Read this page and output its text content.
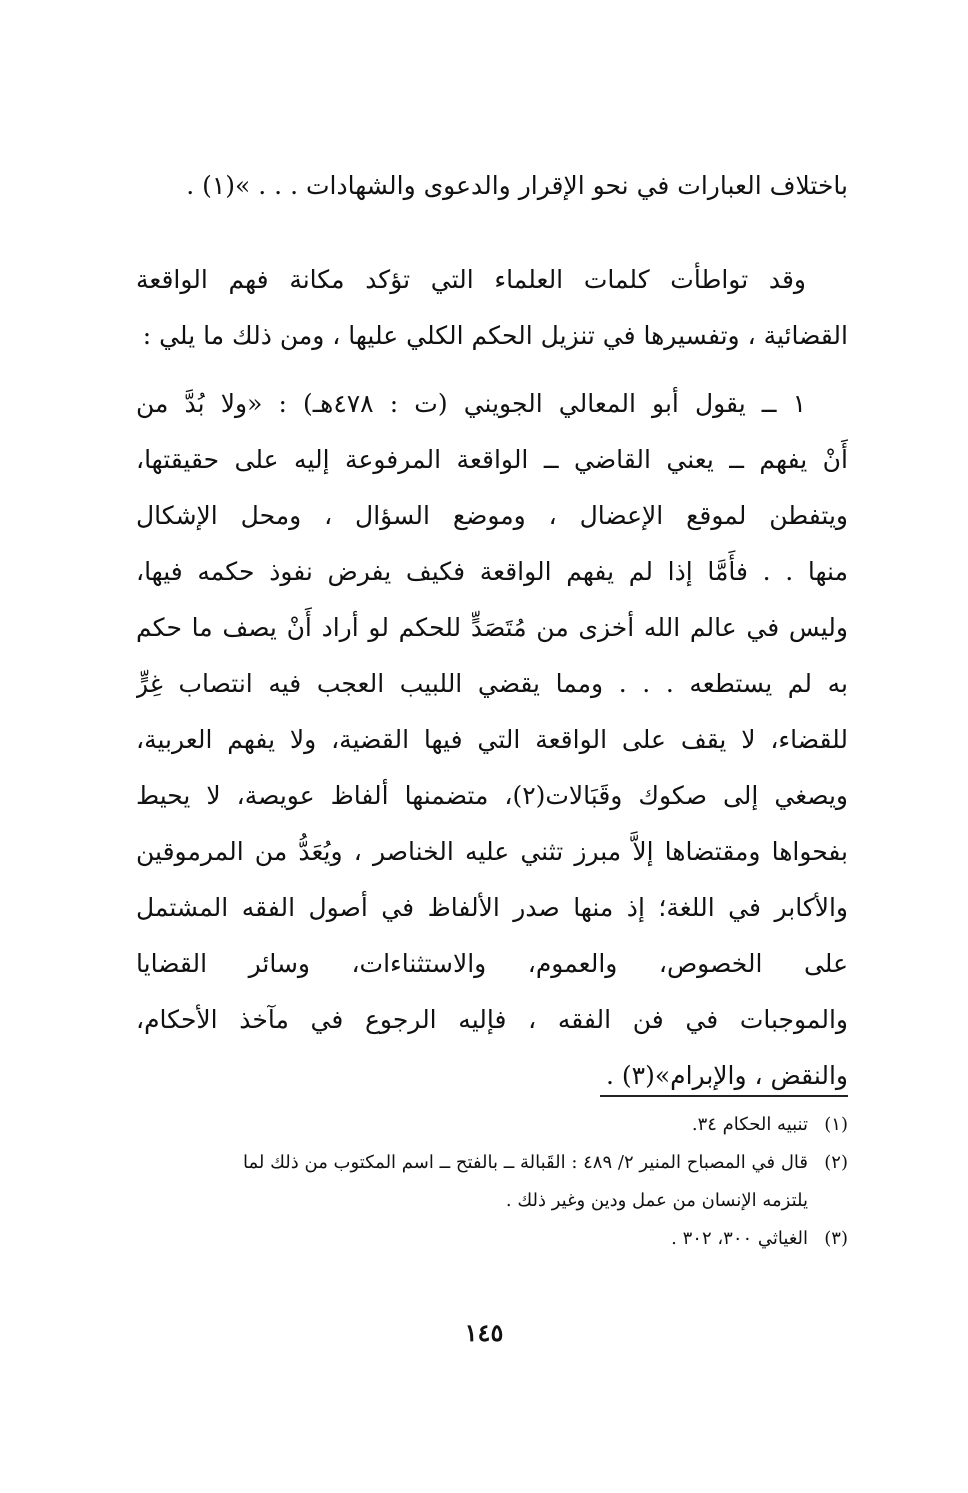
باختلاف العبارات في نحو الإقرار والدعوى والشهادات . . . »(١) .
وقد تواطأت كلمات العلماء التي تؤكد مكانة فهم الواقعة
القضائية ، وتفسيرها في تنزيل الحكم الكلي عليها ، ومن ذلك ما يلي :
١ ــ يقول أبو المعالي الجويني (ت : ٤٧٨هـ) : «ولا بُدَّ من
أَنْ يفهم ــ يعني القاضي ــ الواقعة المرفوعة إليه على حقيقتها،
ويتفطن لموقع الإعضال ، وموضع السؤال ، ومحل الإشكال
منها . . فأَمَّا إذا لم يفهم الواقعة فكيف يفرض نفوذ حكمه فيها،
وليس في عالم الله أخزى من مُتَصَدٍّ للحكم لو أراد أَنْ يصف ما حكم
به لم يستطعه . . . ومما يقضي اللبيب العجب فيه انتصاب غِرٍّ
للقضاء، لا يقف على الواقعة التي فيها القضية، ولا يفهم العربية،
ويصغي إلى صكوك وقَبَالات(٢)، متضمنها ألفاظ عويصة، لا يحيط
بفحواها ومقتضاها إلاَّ مبرز تثني عليه الخناصر ، ويُعَدُّ من المرموقين
والأكابر في اللغة؛ إذ منها صدر الألفاظ في أصول الفقه المشتمل
على الخصوص، والعموم، والاستثناءات، وسائر القضايا
والموجبات في فن الفقه ، فإليه الرجوع في مآخذ الأحكام،
والنقض ، والإبرام»(٣) .
(١)تنبيه الحكام ٣٤.
(٢)قال في المصباح المنير ٢/ ٤٨٩ : القَبالة ــ بالفتح ــ اسم المكتوب من ذلك لما
يلتزمه الإنسان من عمل ودين وغير ذلك .
(٣)الغياثي ٣٠٠، ٣٠٢ .
١٤٥
